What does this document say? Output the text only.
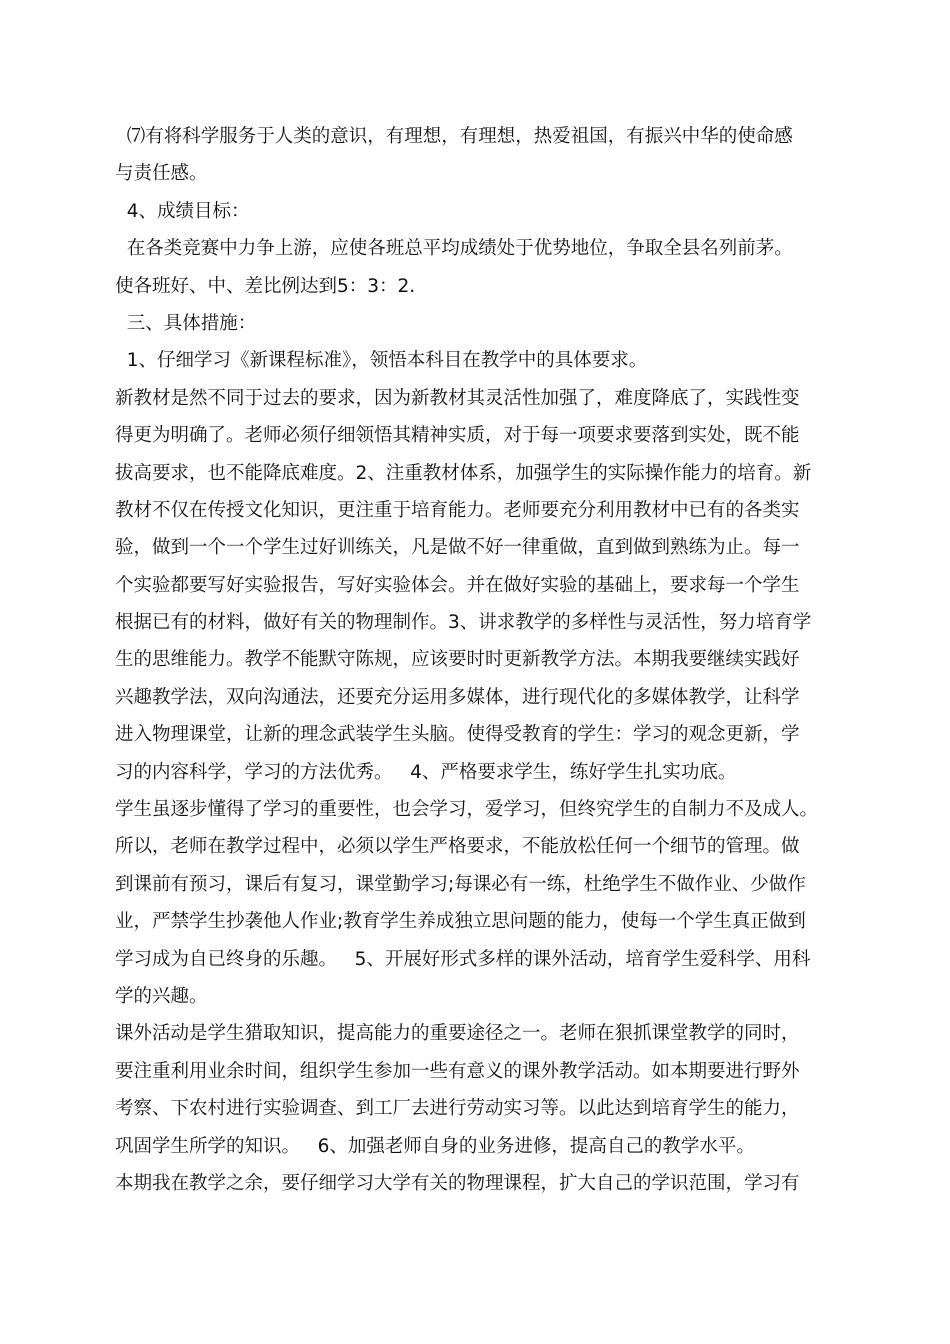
⑺有将科学服务于人类的意识，有理想，有理想，热爱祖国，有振兴中华的使命感
与责任感。
4、成绩目标：
在各类竞赛中力争上游，应使各班总平均成绩处于优势地位，争取全县名列前茅。
使各班好、中、差比例达到5：3：2.
三、具体措施：
1、仔细学习《新课程标准》，领悟本科目在教学中的具体要求。
新教材是然不同于过去的要求，因为新教材其灵活性加强了，难度降底了，实践性变
得更为明确了。老师必须仔细领悟其精神实质，对于每一项要求要落到实处，既不能
拔高要求，也不能降底难度。2、注重教材体系，加强学生的实际操作能力的培育。新
教材不仅在传授文化知识，更注重于培育能力。老师要充分利用教材中已有的各类实
验，做到一个一个学生过好训练关，凡是做不好一律重做，直到做到熟练为止。每一
个实验都要写好实验报告，写好实验体会。并在做好实验的基础上，要求每一个学生
根据已有的材料，做好有关的物理制作。3、讲求教学的多样性与灵活性，努力培育学
生的思维能力。教学不能默守陈规，应该要时时更新教学方法。本期我要继续实践好
兴趣教学法，双向沟通法，还要充分运用多媒体，进行现代化的多媒体教学，让科学
进入物理课堂，让新的理念武装学生头脑。使得受教育的学生：学习的观念更新，学
习的内容科学，学习的方法优秀。   4、严格要求学生，练好学生扎实功底。
学生虽逐步懂得了学习的重要性，也会学习，爱学习，但终究学生的自制力不及成人。
所以，老师在教学过程中，必须以学生严格要求，不能放松任何一个细节的管理。做
到课前有预习，课后有复习，课堂勤学习;每课必有一练，杜绝学生不做作业、少做作
业，严禁学生抄袭他人作业;教育学生养成独立思问题的能力，使每一个学生真正做到
学习成为自已终身的乐趣。   5、开展好形式多样的课外活动，培育学生爱科学、用科
学的兴趣。
课外活动是学生猎取知识，提高能力的重要途径之一。老师在狠抓课堂教学的同时，
要注重利用业余时间，组织学生参加一些有意义的课外教学活动。如本期要进行野外
考察、下农村进行实验调查、到工厂去进行劳动实习等。以此达到培育学生的能力，
巩固学生所学的知识。   6、加强老师自身的业务进修，提高自己的教学水平。
本期我在教学之余，要仔细学习大学有关的物理课程，扩大自己的学识范围，学习有
